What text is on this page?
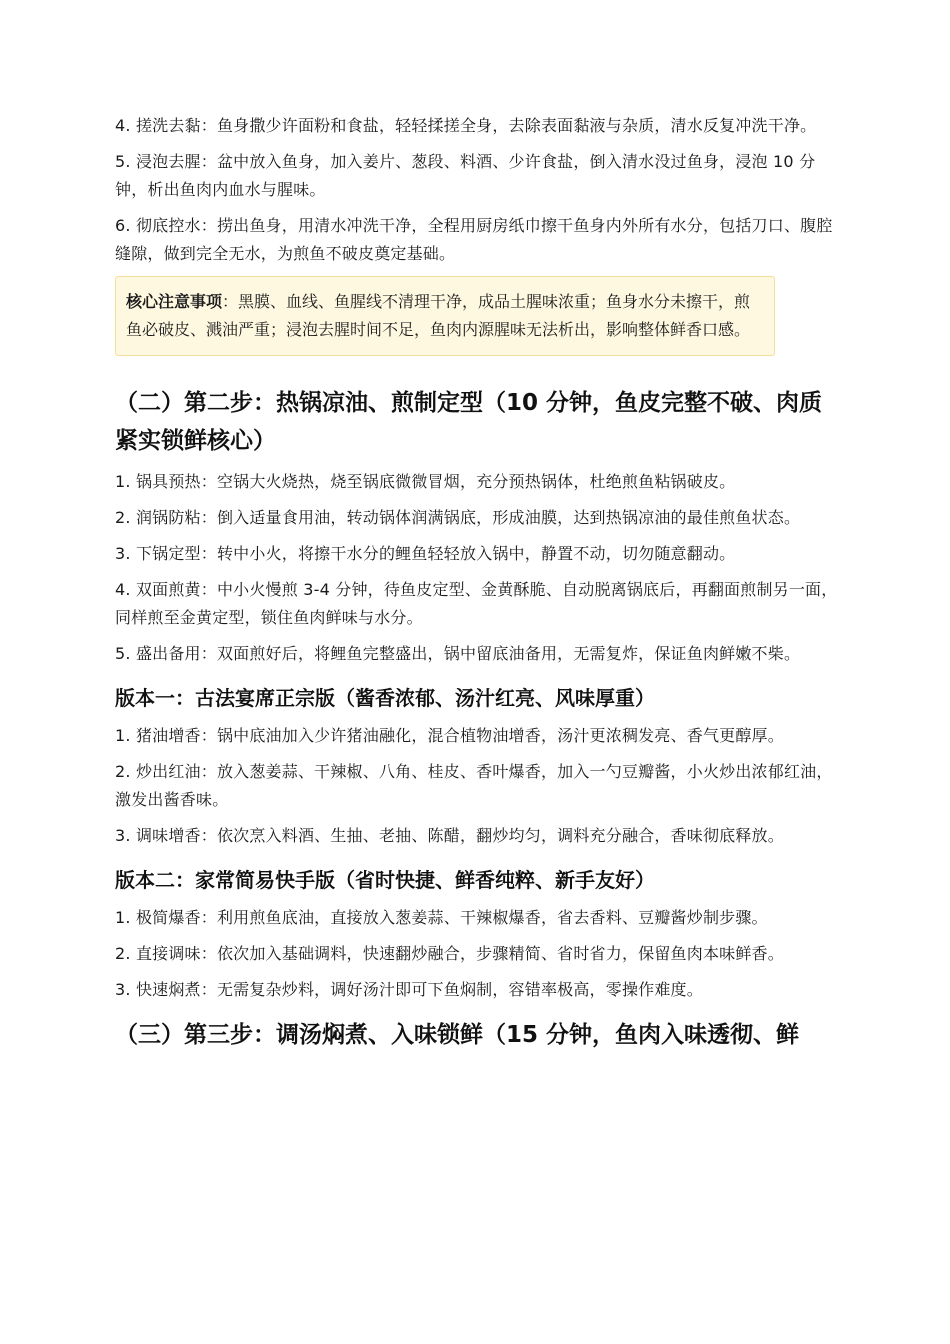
4. 搓洗去黏：鱼身撒少许面粉和食盐，轻轻揉搓全身，去除表面黏液与杂质，清水反复冲洗干净。

5. 浸泡去腥：盆中放入鱼身，加入姜片、葱段、料酒、少许食盐，倒入清水没过鱼身，浸泡 10 分钟，析出鱼肉内血水与腥味。

6. 彻底控水：捞出鱼身，用清水冲洗干净，全程用厨房纸巾擦干鱼身内外所有水分，包括刀口、腹腔缝隙，做到完全无水，为煎鱼不破皮奠定基础。

核心注意事项：黑膜、血线、鱼腥线不清理干净，成品土腥味浓重；鱼身水分未擦干，煎鱼必破皮、溅油严重；浸泡去腥时间不足，鱼肉内源腥味无法析出，影响整体鲜香口感。
（二）第二步：热锅凉油、煎制定型（10 分钟，鱼皮完整不破、肉质紧实锁鲜核心）

1. 锅具预热：空锅大火烧热，烧至锅底微微冒烟，充分预热锅体，杜绝煎鱼粘锅破皮。

2. 润锅防粘：倒入适量食用油，转动锅体润满锅底，形成油膜，达到热锅凉油的最佳煎鱼状态。

3. 下锅定型：转中小火，将擦干水分的鲤鱼轻轻放入锅中，静置不动，切勿随意翻动。

4. 双面煎黄：中小火慢煎 3-4 分钟，待鱼皮定型、金黄酥脆、自动脱离锅底后，再翻面煎制另一面，同样煎至金黄定型，锁住鱼肉鲜味与水分。

5. 盛出备用：双面煎好后，将鲤鱼完整盛出，锅中留底油备用，无需复炸，保证鱼肉鲜嫩不柴。

版本一：古法宴席正宗版（酱香浓郁、汤汁红亮、风味厚重）

1. 猪油增香：锅中底油加入少许猪油融化，混合植物油增香，汤汁更浓稠发亮、香气更醇厚。

2. 炒出红油：放入葱姜蒜、干辣椒、八角、桂皮、香叶爆香，加入一勺豆瓣酱，小火炒出浓郁红油，激发出酱香味。

3. 调味增香：依次烹入料酒、生抽、老抽、陈醋，翻炒均匀，调料充分融合，香味彻底释放。

版本二：家常简易快手版（省时快捷、鲜香纯粹、新手友好）

1. 极简爆香：利用煎鱼底油，直接放入葱姜蒜、干辣椒爆香，省去香料、豆瓣酱炒制步骤。

2. 直接调味：依次加入基础调料，快速翻炒融合，步骤精简、省时省力，保留鱼肉本味鲜香。

3. 快速焖煮：无需复杂炒料，调好汤汁即可下鱼焖制，容错率极高，零操作难度。

（三）第三步：调汤焖煮、入味锁鲜（15 分钟，鱼肉入味透彻、鲜
